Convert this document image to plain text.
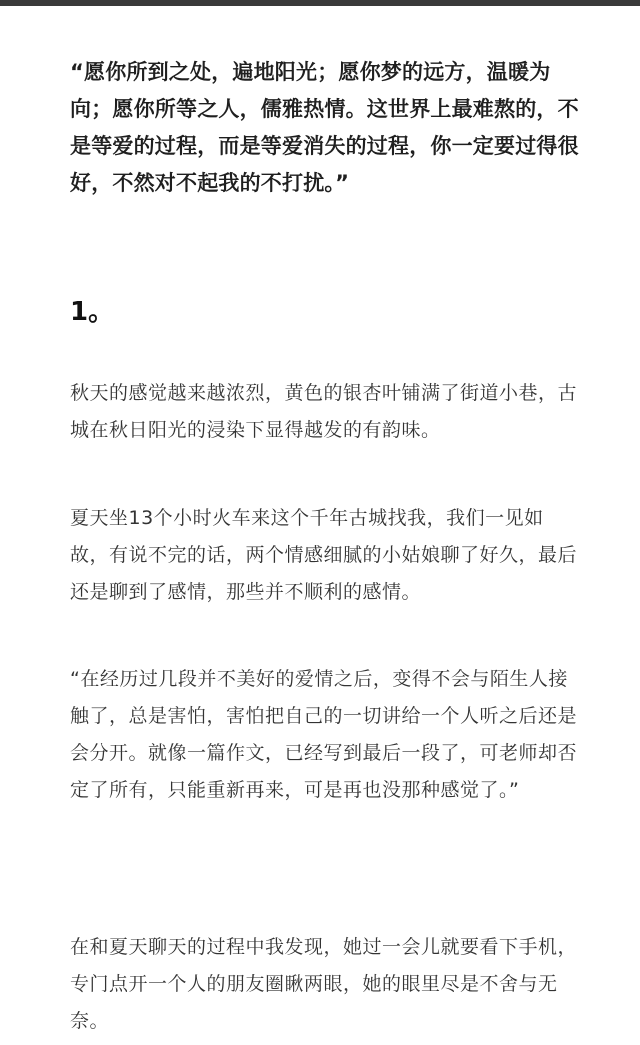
“愿你所到之处，遍地阳光；愿你梦的远方，温暖为向；愿你所等之人，儒雅热情。这世界上最难熬的，不是等爱的过程，而是等爱消失的过程，你一定要过得很好，不然对不起我的不打扰。”

1。

秋天的感觉越来越浓烈，黄色的银杏叶铺满了街道小巷，古城在秋日阳光的浸染下显得越发的有韵味。

夏天坐13个小时火车来这个千年古城找我，我们一见如故，有说不完的话，两个情感细腻的小姑娘聊了好久，最后还是聊到了感情，那些并不顺利的感情。

“在经历过几段并不美好的爱情之后，变得不会与陌生人接触了，总是害怕，害怕把自己的一切讲给一个人听之后还是会分开。就像一篇作文，已经写到最后一段了，可老师却否定了所有，只能重新再来，可是再也没那种感觉了。”

在和夏天聊天的过程中我发现，她过一会儿就要看下手机，专门点开一个人的朋友圈瞅两眼，她的眼里尽是不舍与无奈。
